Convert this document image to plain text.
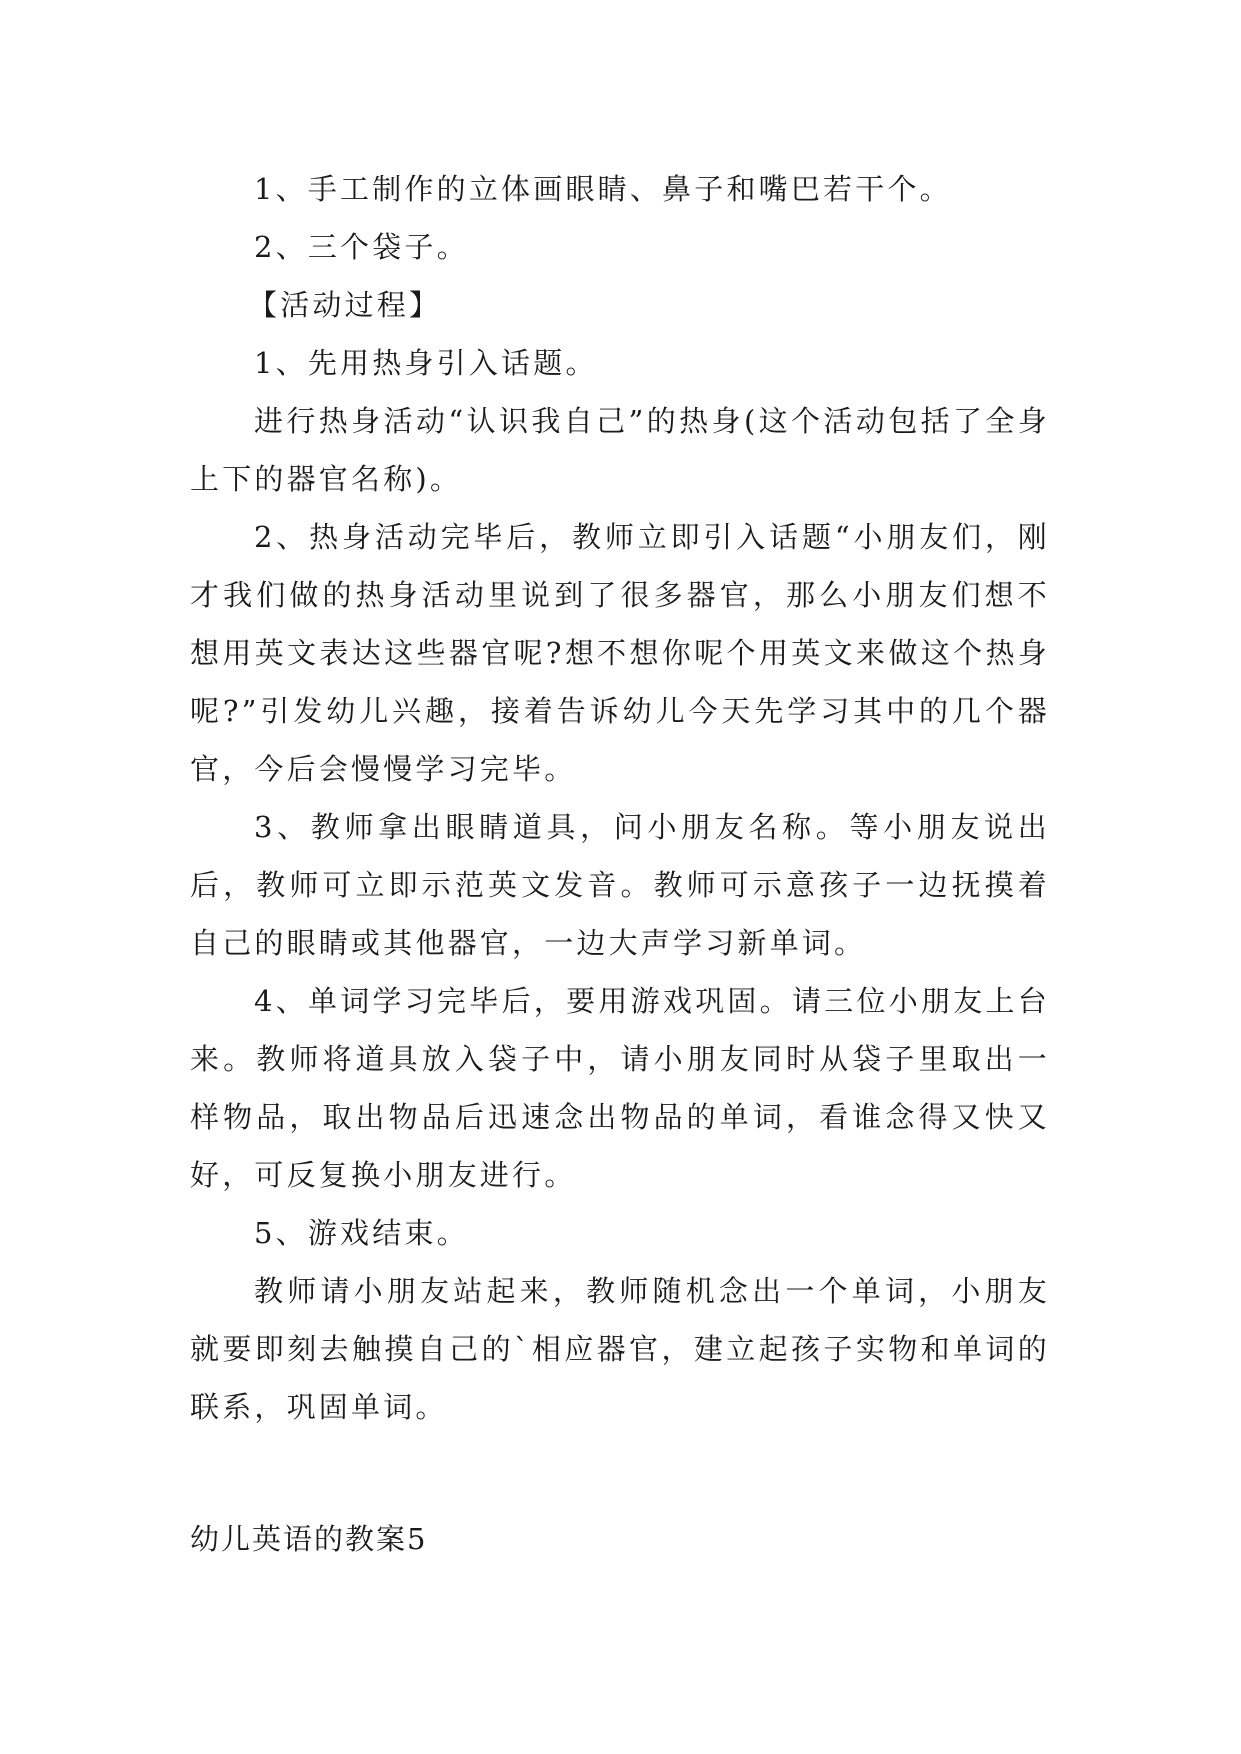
1、手工制作的立体画眼睛、鼻子和嘴巴若干个。

2、三个袋子。

【活动过程】

1、先用热身引入话题。

进行热身活动“认识我自己”的热身(这个活动包括了全身上下的器官名称)。

2、热身活动完毕后，教师立即引入话题“小朋友们，刚才我们做的热身活动里说到了很多器官，那么小朋友们想不想用英文表达这些器官呢?想不想你呢个用英文来做这个热身呢?”引发幼儿兴趣，接着告诉幼儿今天先学习其中的几个器官，今后会慢慢学习完毕。

3、教师拿出眼睛道具，问小朋友名称。等小朋友说出后，教师可立即示范英文发音。教师可示意孩子一边抚摸着自己的眼睛或其他器官，一边大声学习新单词。

4、单词学习完毕后，要用游戏巩固。请三位小朋友上台来。教师将道具放入袋子中，请小朋友同时从袋子里取出一样物品，取出物品后迅速念出物品的单词，看谁念得又快又好，可反复换小朋友进行。

5、游戏结束。

教师请小朋友站起来，教师随机念出一个单词，小朋友就要即刻去触摸自己的`相应器官，建立起孩子实物和单词的联系，巩固单词。

幼儿英语的教案5
